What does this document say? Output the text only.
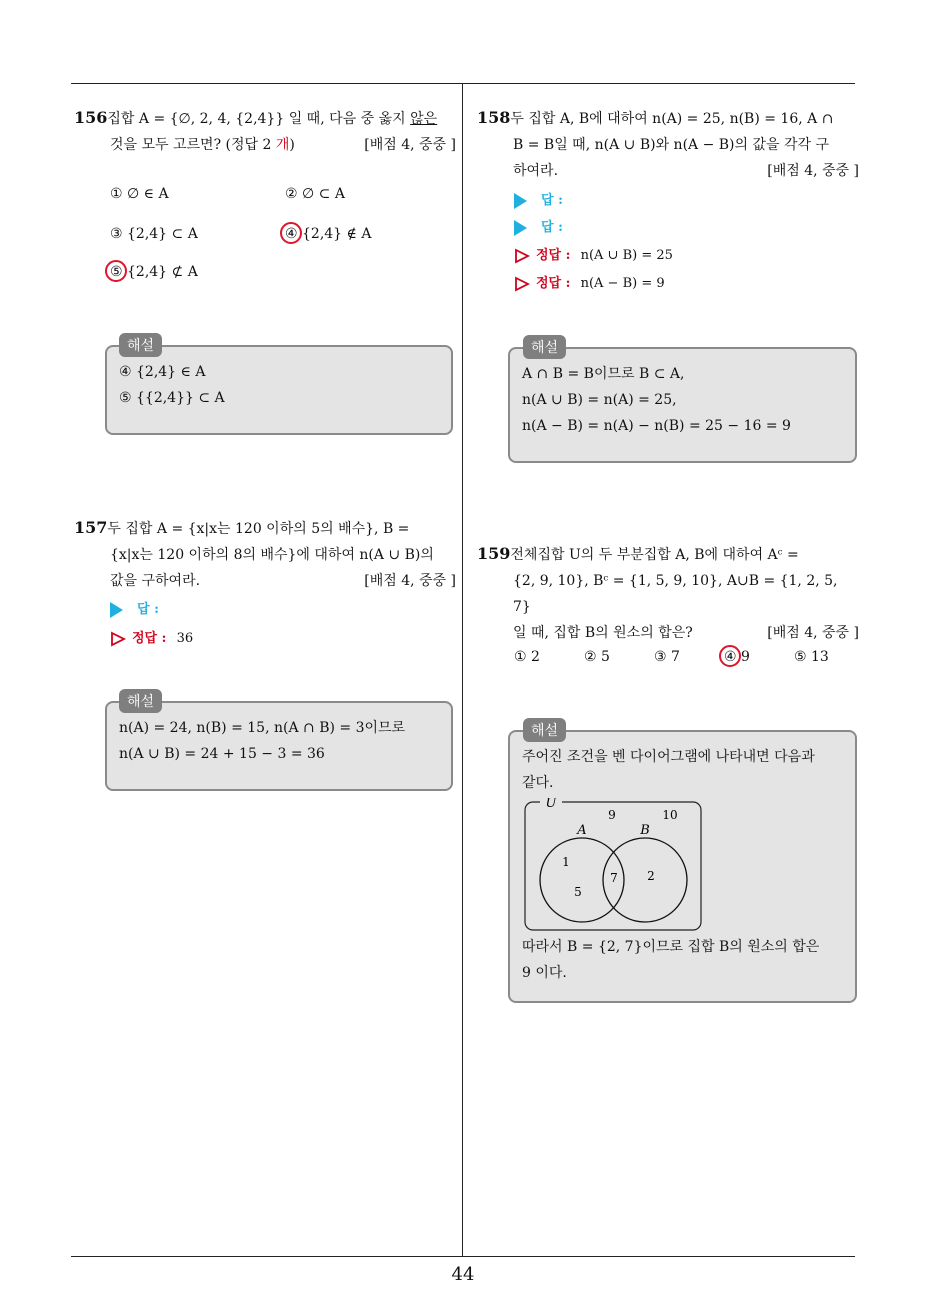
156집합 A = {∅, 2, 4, {2,4}} 일 때, 다음 중 옳지 않은
것을 모두 고르면? (정답 2 개)	[배점 4, 중중 ]
① ∅ ∈ A	② ∅ ⊂ A
③ {2,4} ⊂ A	④ {2,4} ∉ A
⑤ {2,4} ⊄ A
④ {2,4} ∈ A
⑤ {{2,4}} ⊂ A
해설
157두 집합 A = {x|x는 120 이하의 5의 배수}, B =
{x|x는 120 이하의 8의 배수}에 대하여 n(A ∪ B)의
값을 구하여라.	[배점 4, 중중 ]
답 :
정답 : 36
n(A) = 24, n(B) = 15, n(A ∩ B) = 3이므로
n(A ∪ B) = 24 + 15 − 3 = 36
해설
158두 집합 A, B에 대하여 n(A) = 25, n(B) = 16, A ∩
B = B일 때, n(A ∪ B)와 n(A − B)의 값을 각각 구
하여라.	[배점 4, 중중 ]
답 :
답 :
정답 : n(A ∪ B) = 25
정답 : n(A − B) = 9
A ∩ B = B이므로 B ⊂ A,
n(A ∪ B) = n(A) = 25,
n(A − B) = n(A) − n(B) = 25 − 16 = 9
해설
159전체집합 U의 두 부분집합 A, B에 대하여 Aᶜ =
{2, 9, 10}, Bᶜ = {1, 5, 9, 10}, A∪B = {1, 2, 5, 7}
일 때, 집합 B의 원소의 합은?	[배점 4, 중중 ]
① 2	② 5	③ 7	④ 9	⑤ 13
주어진 조건을 벤 다이어그램에 나타내면 다음과
같다.
U
A	B
9	10
1
5
7 2
따라서 B = {2, 7}이므로 집합 B의 원소의 합은
9 이다.
해설
44
